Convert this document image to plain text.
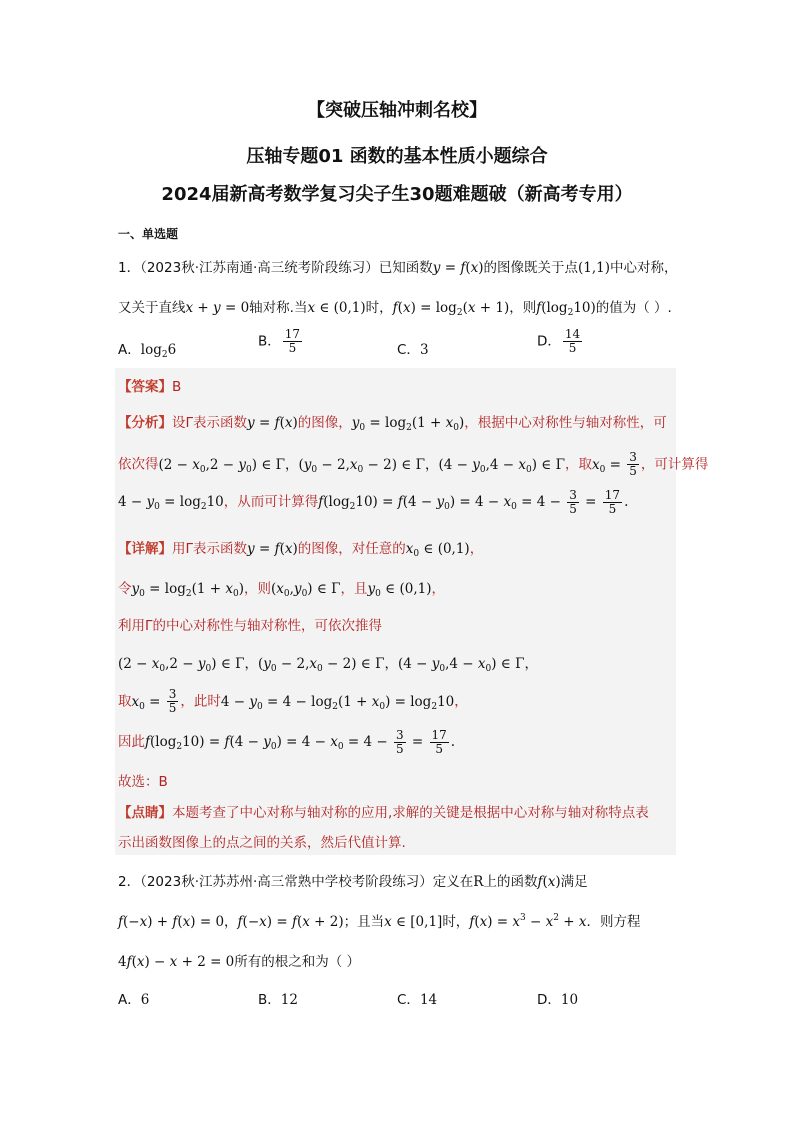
【突破压轴冲刺名校】

压轴专题01 函数的基本性质小题综合

2024届新高考数学复习尖子生30题难题破（新高考专用）

一、单选题
1．（2023秋·江苏南通·高三统考阶段练习）已知函数y = f(x)的图像既关于点(1,1)中心对称，
又关于直线x + y = 0轴对称.当x ∈ (0,1)时，$f(x) = \log_2(x + 1)$，则$f(\log_210)$的值为（ ）.
A．$\log_26$
B． $\frac{17}{5}$	C．3
D． $\frac{14}{5}$
【答案】B
【分析】设Γ表示函数y = f(x)的图像，$y_0 = \log_2(1 + x_0)$，根据中心对称性与轴对称性，可
依次得$(2 - x_0,2 - y_0)$ ∈ Γ，$(y_0 - 2,x_0 - 2)$ ∈ Γ，$(4 - y_0,4 - x_0)$ ∈ Γ，取$x_0 = \frac{3}{5}$ ，可计算得
$4 - y_0 = \log_210$，从而可计算得$f(\log_210) = f(4 - y_0) = 4 - x_0 = 4 - \frac{3}{5} = \frac{17}{5}$ .
【详解】用Γ表示函数y = f(x)的图像，对任意的$x_0$ ∈ (0,1)，
令$y_0 = \log_2(1 + x_0)$，则$(x_0,y_0)$ ∈ Γ，且$y_0$ ∈ (0,1)，
利用Γ的中心对称性与轴对称性，可依次推得
$(2 - x_0,2 - y_0)$ ∈ Γ，$(y_0 - 2,x_0 - 2)$ ∈ Γ，$(4 - y_0,4 - x_0)$ ∈ Γ，
取$x_0 = \frac{3}{5}$ ，此时$4 - y_0 = 4 - \log_2(1 + x_0) = \log_210$，
因此$f(\log_210) = f(4 - y_0) = 4 - x_0 = 4 - \frac{3}{5} = \frac{17}{5}$ .
故选：B
【点睛】本题考查了中心对称与轴对称的应用,求解的关键是根据中心对称与轴对称特点表
示出函数图像上的点之间的关系，然后代值计算.
2．（2023秋·江苏苏州·高三常熟中学校考阶段练习）定义在R上的函数f(x)满足
f(−x) + f(x) = 0，f(−x) = f(x + 2)；且当x ∈ [0,1]时，$f(x) = x^3 - x^2 + x$．则方程
4f(x) − x + 2 = 0所有的根之和为（ ）
A．6	B．12	C．14	D．10
